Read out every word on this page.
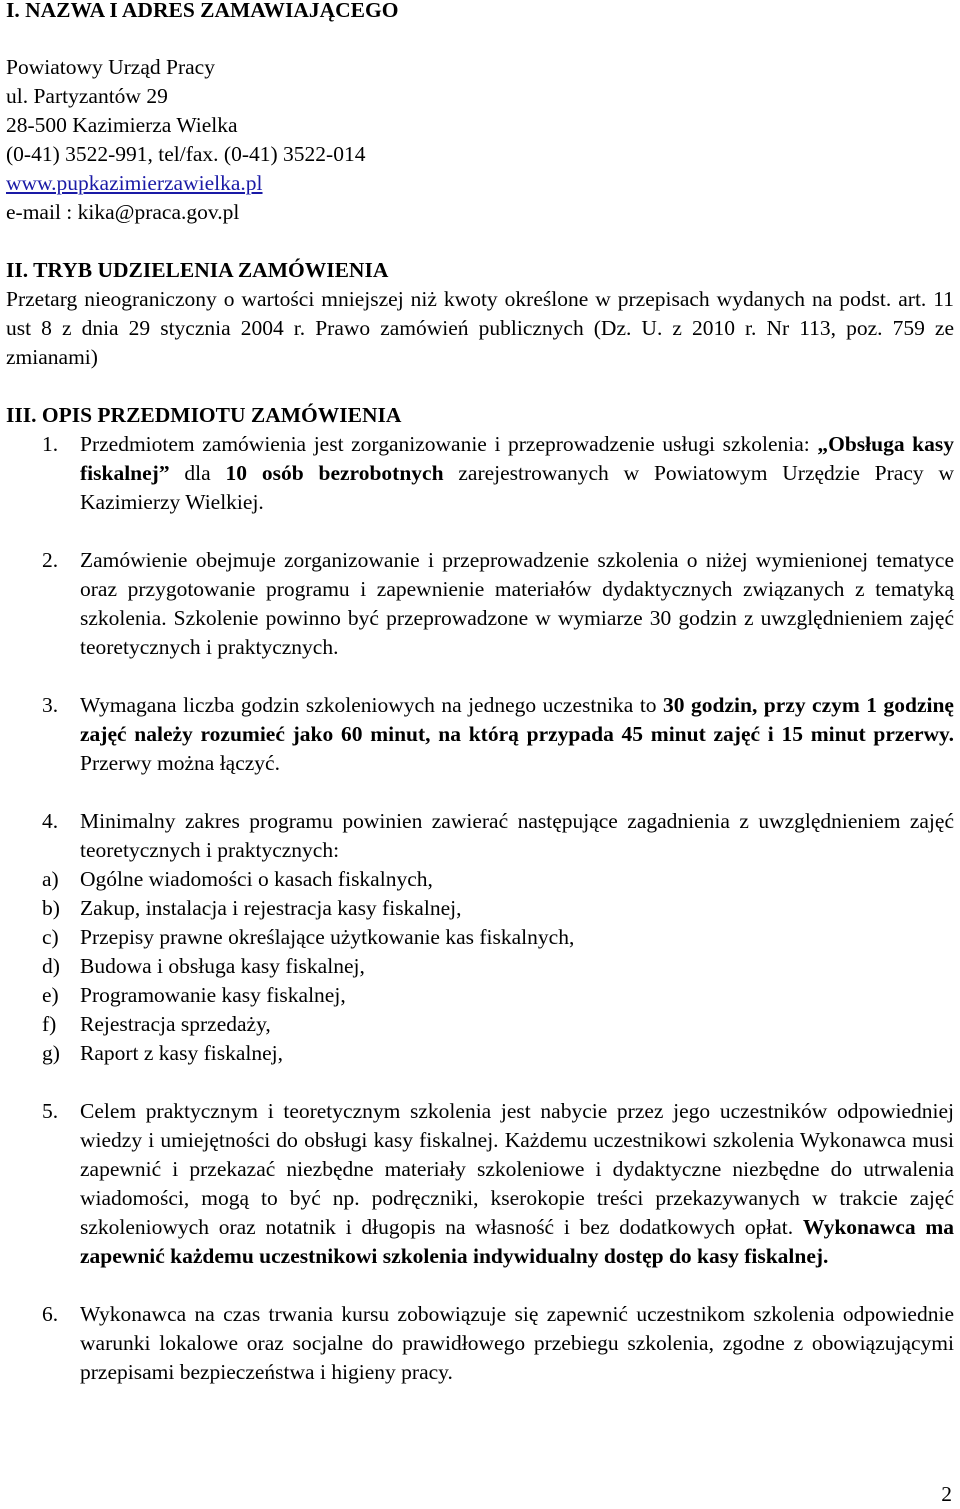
I. NAZWA I ADRES ZAMAWIAJĄCEGO

Powiatowy Urząd Pracy

ul. Partyzantów 29

28-500 Kazimierza Wielka

(0-41) 3522-991, tel/fax. (0-41) 3522-014

www.pupkazimierzawielka.pl

e-mail : kika@praca.gov.pl

II. TRYB UDZIELENIA ZAMÓWIENIA

Przetarg nieograniczony o wartości mniejszej niż kwoty określone w przepisach wydanych na podst. art. 11 ust 8 z dnia 29 stycznia 2004 r. Prawo zamówień publicznych (Dz. U. z 2010 r. Nr 113, poz. 759 ze zmianami)

III. OPIS PRZEDMIOTU ZAMÓWIENIA

1. Przedmiotem zamówienia jest zorganizowanie i przeprowadzenie usługi szkolenia: „Obsługa kasy fiskalnej” dla 10 osób bezrobotnych zarejestrowanych w Powiatowym Urzędzie Pracy w Kazimierzy Wielkiej.
2. Zamówienie obejmuje zorganizowanie i przeprowadzenie szkolenia o niżej wymienionej tematyce oraz przygotowanie programu i zapewnienie materiałów dydaktycznych związanych z tematyką szkolenia. Szkolenie powinno być przeprowadzone w wymiarze 30 godzin z uwzględnieniem zajęć teoretycznych i praktycznych.
3. Wymagana liczba godzin szkoleniowych na jednego uczestnika to 30 godzin, przy czym 1 godzinę zajęć należy rozumieć jako 60 minut, na którą przypada 45 minut zajęć i 15 minut przerwy. Przerwy można łączyć.
4. Minimalny zakres programu powinien zawierać następujące zagadnienia z uwzględnieniem zajęć teoretycznych i praktycznych:

a) Ogólne wiadomości o kasach fiskalnych,

b) Zakup, instalacja i rejestracja kasy fiskalnej,

c) Przepisy prawne określające użytkowanie kas fiskalnych,

d) Budowa i obsługa kasy fiskalnej,

e) Programowanie kasy fiskalnej,

f) Rejestracja sprzedaży,

g) Raport z kasy fiskalnej,

5. Celem praktycznym i teoretycznym szkolenia jest nabycie przez jego uczestników odpowiedniej wiedzy i umiejętności do obsługi kasy fiskalnej. Każdemu uczestnikowi szkolenia Wykonawca musi zapewnić i przekazać niezbędne materiały szkoleniowe i dydaktyczne niezbędne do utrwalenia wiadomości, mogą to być np. podręczniki, kserokopie treści przekazywanych w trakcie zajęć szkoleniowych oraz notatnik i długopis na własność i bez dodatkowych opłat. Wykonawca ma zapewnić każdemu uczestnikowi szkolenia indywidualny dostęp do kasy fiskalnej.
6. Wykonawca na czas trwania kursu zobowiązuje się zapewnić uczestnikom szkolenia odpowiednie warunki lokalowe oraz socjalne do prawidłowego przebiegu szkolenia, zgodne z obowiązującymi przepisami bezpieczeństwa i higieny pracy.
2
